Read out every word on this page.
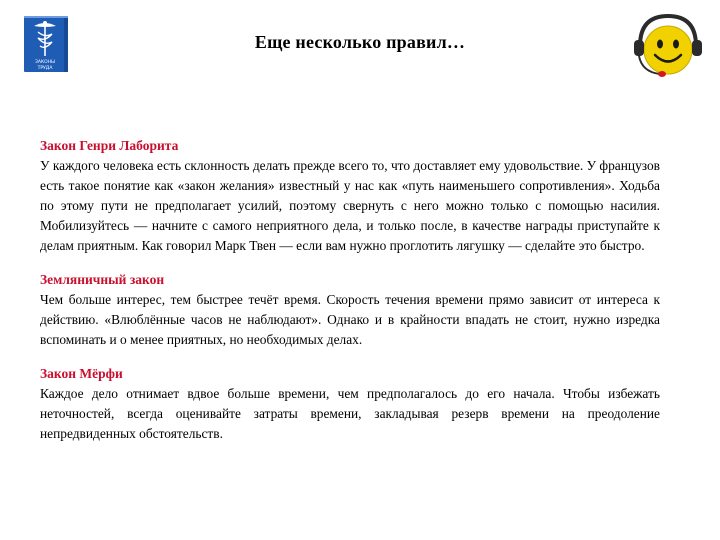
ЗАКОНЫ
ТРУДА
Еще несколько правил…
Закон Генри Лаборита

У каждого человека есть склонность делать прежде всего то, что доставляет ему удовольствие. У французов есть такое понятие как «закон желания» известный у нас как «путь наименьшего сопротивления». Ходьба по этому пути не предполагает усилий, поэтому свернуть с него можно только с помощью насилия. Мобилизуйтесь — начните с самого неприятного дела, и только после, в качестве награды приступайте к делам приятным. Как говорил Марк Твен — если вам нужно проглотить лягушку — сделайте это быстро.

Земляничный закон

Чем больше интерес, тем быстрее течёт время. Скорость течения времени прямо зависит от интереса к действию. «Влюблённые часов не наблюдают». Однако и в крайности впадать не стоит, нужно изредка вспоминать и о менее приятных, но необходимых делах.

Закон Мёрфи

Каждое дело отнимает вдвое больше времени, чем предполагалось до его начала. Чтобы избежать неточностей, всегда оценивайте затраты времени, закладывая резерв времени на преодоление непредвиденных обстоятельств.
